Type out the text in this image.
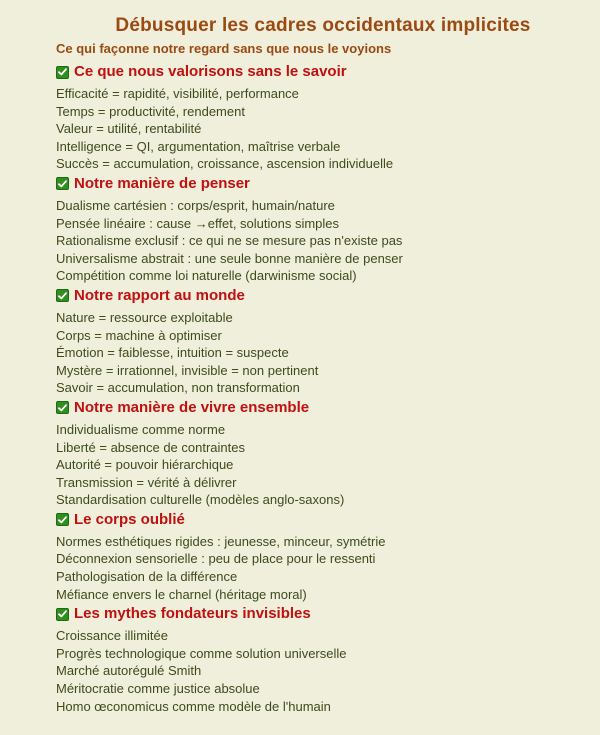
Débusquer les cadres occidentaux implicites
Ce qui façonne notre regard sans que nous le voyions
Ce que nous valorisons sans le savoir
Efficacité = rapidité, visibilité, performance
Temps = productivité, rendement
Valeur = utilité, rentabilité
Intelligence = QI, argumentation, maîtrise verbale
Succès = accumulation, croissance, ascension individuelle
Notre manière de penser
Dualisme cartésien : corps/esprit, humain/nature
Pensée linéaire : cause →effet, solutions simples
Rationalisme exclusif : ce qui ne se mesure pas n'existe pas
Universalisme abstrait : une seule bonne manière de penser
Compétition comme loi naturelle (darwinisme social)
Notre rapport au monde
Nature = ressource exploitable
Corps = machine à optimiser
Émotion = faiblesse, intuition = suspecte
Mystère = irrationnel, invisible = non pertinent
Savoir = accumulation, non transformation
Notre manière de vivre ensemble
Individualisme comme norme
Liberté = absence de contraintes
Autorité = pouvoir hiérarchique
Transmission = vérité à délivrer
Standardisation culturelle (modèles anglo-saxons)
Le corps oublié
Normes esthétiques rigides : jeunesse, minceur, symétrie
Déconnexion sensorielle : peu de place pour le ressenti
Pathologisation de la différence
Méfiance envers le charnel (héritage moral)
Les mythes fondateurs invisibles
Croissance illimitée
Progrès technologique comme solution universelle
Marché autorégulé Smith
Méritocratie comme justice absolue
Homo œconomicus comme modèle de l'humain
